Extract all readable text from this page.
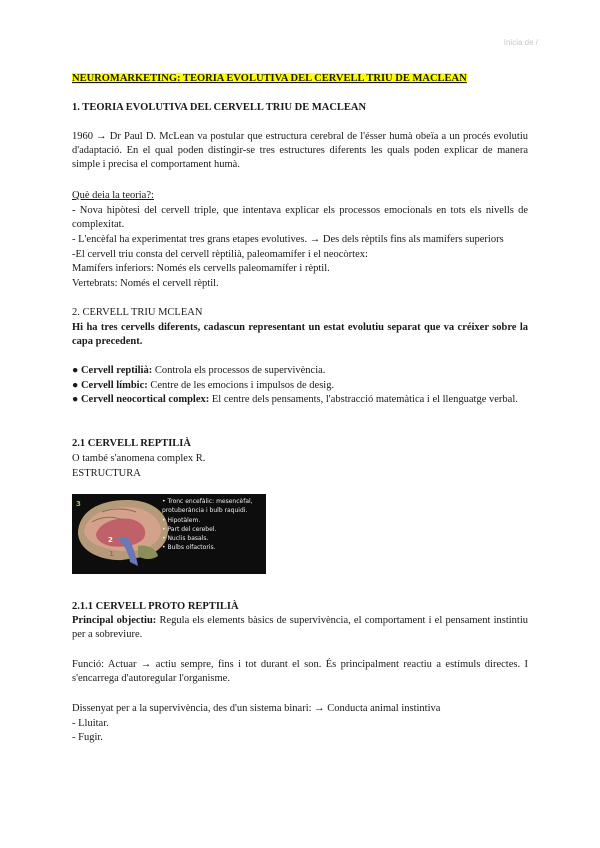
Inicia de /
NEUROMARKETING: TEORIA EVOLUTIVA DEL CERVELL TRIU DE MACLEAN
1. TEORIA EVOLUTIVA DEL CERVELL TRIU DE MACLEAN
1960 → Dr Paul D. McLean va postular que estructura cerebral de l'ésser humà obeïa a un procés evolutiu d'adaptació. En el qual poden distingir-se tres estructures diferents les quals poden explicar de manera simple i precisa el comportament humà.
Què deia la teoria?:
- Nova hipòtesi del cervell triple, que intentava explicar els processos emocionals en tots els nivells de complexitat.
- L'encèfal ha experimentat tres grans etapes evolutives. → Des dels rèptils fins als mamífers superiors
-El cervell triu consta del cervell rèptilià, paleomamífer i el neocòrtex:
Mamífers inferiors: Només els cervells paleomamífer i rèptil.
Vertebrats: Només el cervell rèptil.
2. CERVELL TRIU MCLEAN
Hi ha tres cervells diferents, cadascun representant un estat evolutiu separat que va créixer sobre la capa precedent.
● Cervell reptilià: Controla els processos de supervivència.
● Cervell límbic: Centre de les emocions i impulsos de desig.
● Cervell neocortical complex: El centre dels pensaments, l'abstracció matemàtica i el llenguatge verbal.
2.1 CERVELL REPTILIÀ
O també s'anomena complex R.
ESTRUCTURA
3
2
1
• Tronc encefàlic: mesencèfal,
protuberància i bulb raquidi.
• Hipotàlem.
• Part del cerebel.
• Nuclis basals.
• Bulbs olfactoris.
2.1.1 CERVELL PROTO REPTILIÀ
Principal objectiu: Regula els elements bàsics de supervivència, el comportament i el pensament instintiu per a sobreviure.
Funció: Actuar → actiu sempre, fins i tot durant el son. És principalment reactiu a estímuls directes. I s'encarrega d'autoregular l'organisme.
Dissenyat per a la supervivència, des d'un sistema binari: → Conducta animal instintiva
- Lluitar.
- Fugir.
